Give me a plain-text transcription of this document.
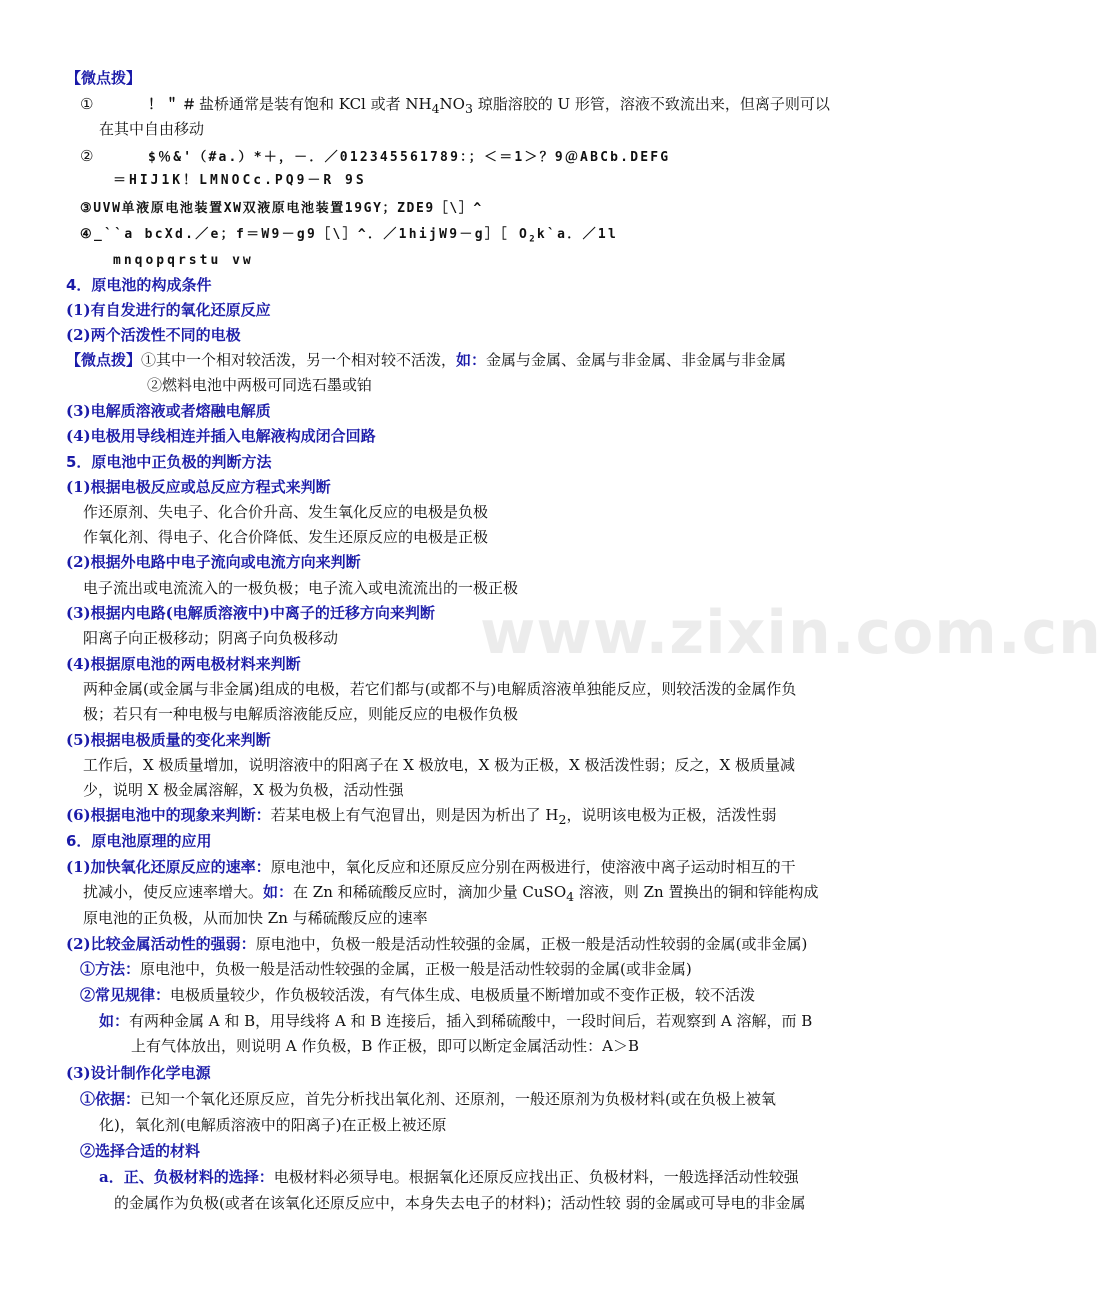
www.zixin.com.cn
【微点拨】
①	！＂＃盐桥通常是装有饱和 KCl 或者 $NH_4NO_3$ 琼脂溶胶的 U 形管，溶液不致流出来，但离子则可以
在其中自由移动
②	$％&'（#a.）*＋，－．／0123455617​89：；＜＝1＞？9＠ABCb.DEFG
＝HIJ1K！LMNOCc.PQ9－R 9S
③UVW单液原电池装置XW双液原电池装置19GY；ZDE9［\］^
④_``a bcXd.／e；f＝W9－g9［\］^．／1hijW9－g］［ $O_2k`a$．／1l
mnqopqrstu vw
4．原电池的构成条件
(1)有自发进行的氧化还原反应
(2)两个活泼性不同的电极
【微点拨】①其中一个相对较活泼，另一个相对较不活泼，如：金属与金属、金属与非金属、非金属与非金属
②燃料电池中两极可同选石墨或铂
(3)电解质溶液或者熔融电解质
(4)电极用导线相连并插入电解液构成闭合回路
5．原电池中正负极的判断方法
(1)根据电极反应或总反应方程式来判断
作还原剂、失电子、化合价升高、发生氧化反应的电极是负极
作氧化剂、得电子、化合价降低、发生还原反应的电极是正极
(2)根据外电路中电子流向或电流方向来判断
电子流出或电流流入的一极负极；电子流入或电流流出的一极正极
(3)根据内电路(电解质溶液中)中离子的迁移方向来判断
阳离子向正极移动；阴离子向负极移动
(4)根据原电池的两电极材料来判断
两种金属(或金属与非金属)组成的电极，若它们都与(或都不与)电解质溶液单独能反应，则较活泼的金属作负
极；若只有一种电极与电解质溶液能反应，则能反应的电极作负极
(5)根据电极质量的变化来判断
工作后，X 极质量增加，说明溶液中的阳离子在 X 极放电，X 极为正极，X 极活泼性弱；反之，X 极质量减
少，说明 X 极金属溶解，X 极为负极，活动性强
(6)根据电池中的现象来判断：若某电极上有气泡冒出，则是因为析出了 $H_2$，说明该电极为正极，活泼性弱
6．原电池原理的应用
(1)加快氧化还原反应的速率：原电池中，氧化反应和还原反应分别在两极进行，使溶液中离子运动时相互的干
扰减小，使反应速率增大。如：在 Zn 和稀硫酸反应时，滴加少量 CuSO$_4$ 溶液，则 Zn 置换出的铜和锌能构成
原电池的正负极，从而加快 Zn 与稀硫酸反应的速率
(2)比较金属活动性的强弱：原电池中，负极一般是活动性较强的金属，正极一般是活动性较弱的金属(或非金属)
①方法：原电池中，负极一般是活动性较强的金属，正极一般是活动性较弱的金属(或非金属)
②常见规律：电极质量较少，作负极较活泼，有气体生成、电极质量不断增加或不变作正极，较不活泼
如：有两种金属 A 和 B，用导线将 A 和 B 连接后，插入到稀硫酸中，一段时间后，若观察到 A 溶解，而 B
上有气体放出，则说明 A 作负极，B 作正极，即可以断定金属活动性：A＞B
(3)设计制作化学电源
①依据：已知一个氧化还原反应，首先分析找出氧化剂、还原剂，一般还原剂为负极材料(或在负极上被氧
化)，氧化剂(电解质溶液中的阳离子)在正极上被还原
②选择合适的材料
a．正、负极材料的选择：电极材料必须导电。根据氧化还原反应找出正、负极材料，一般选择活动性较强
的金属作为负极(或者在该氧化还原反应中，本身失去电子的材料)；活动性较 弱的金属或可导电的非金属
